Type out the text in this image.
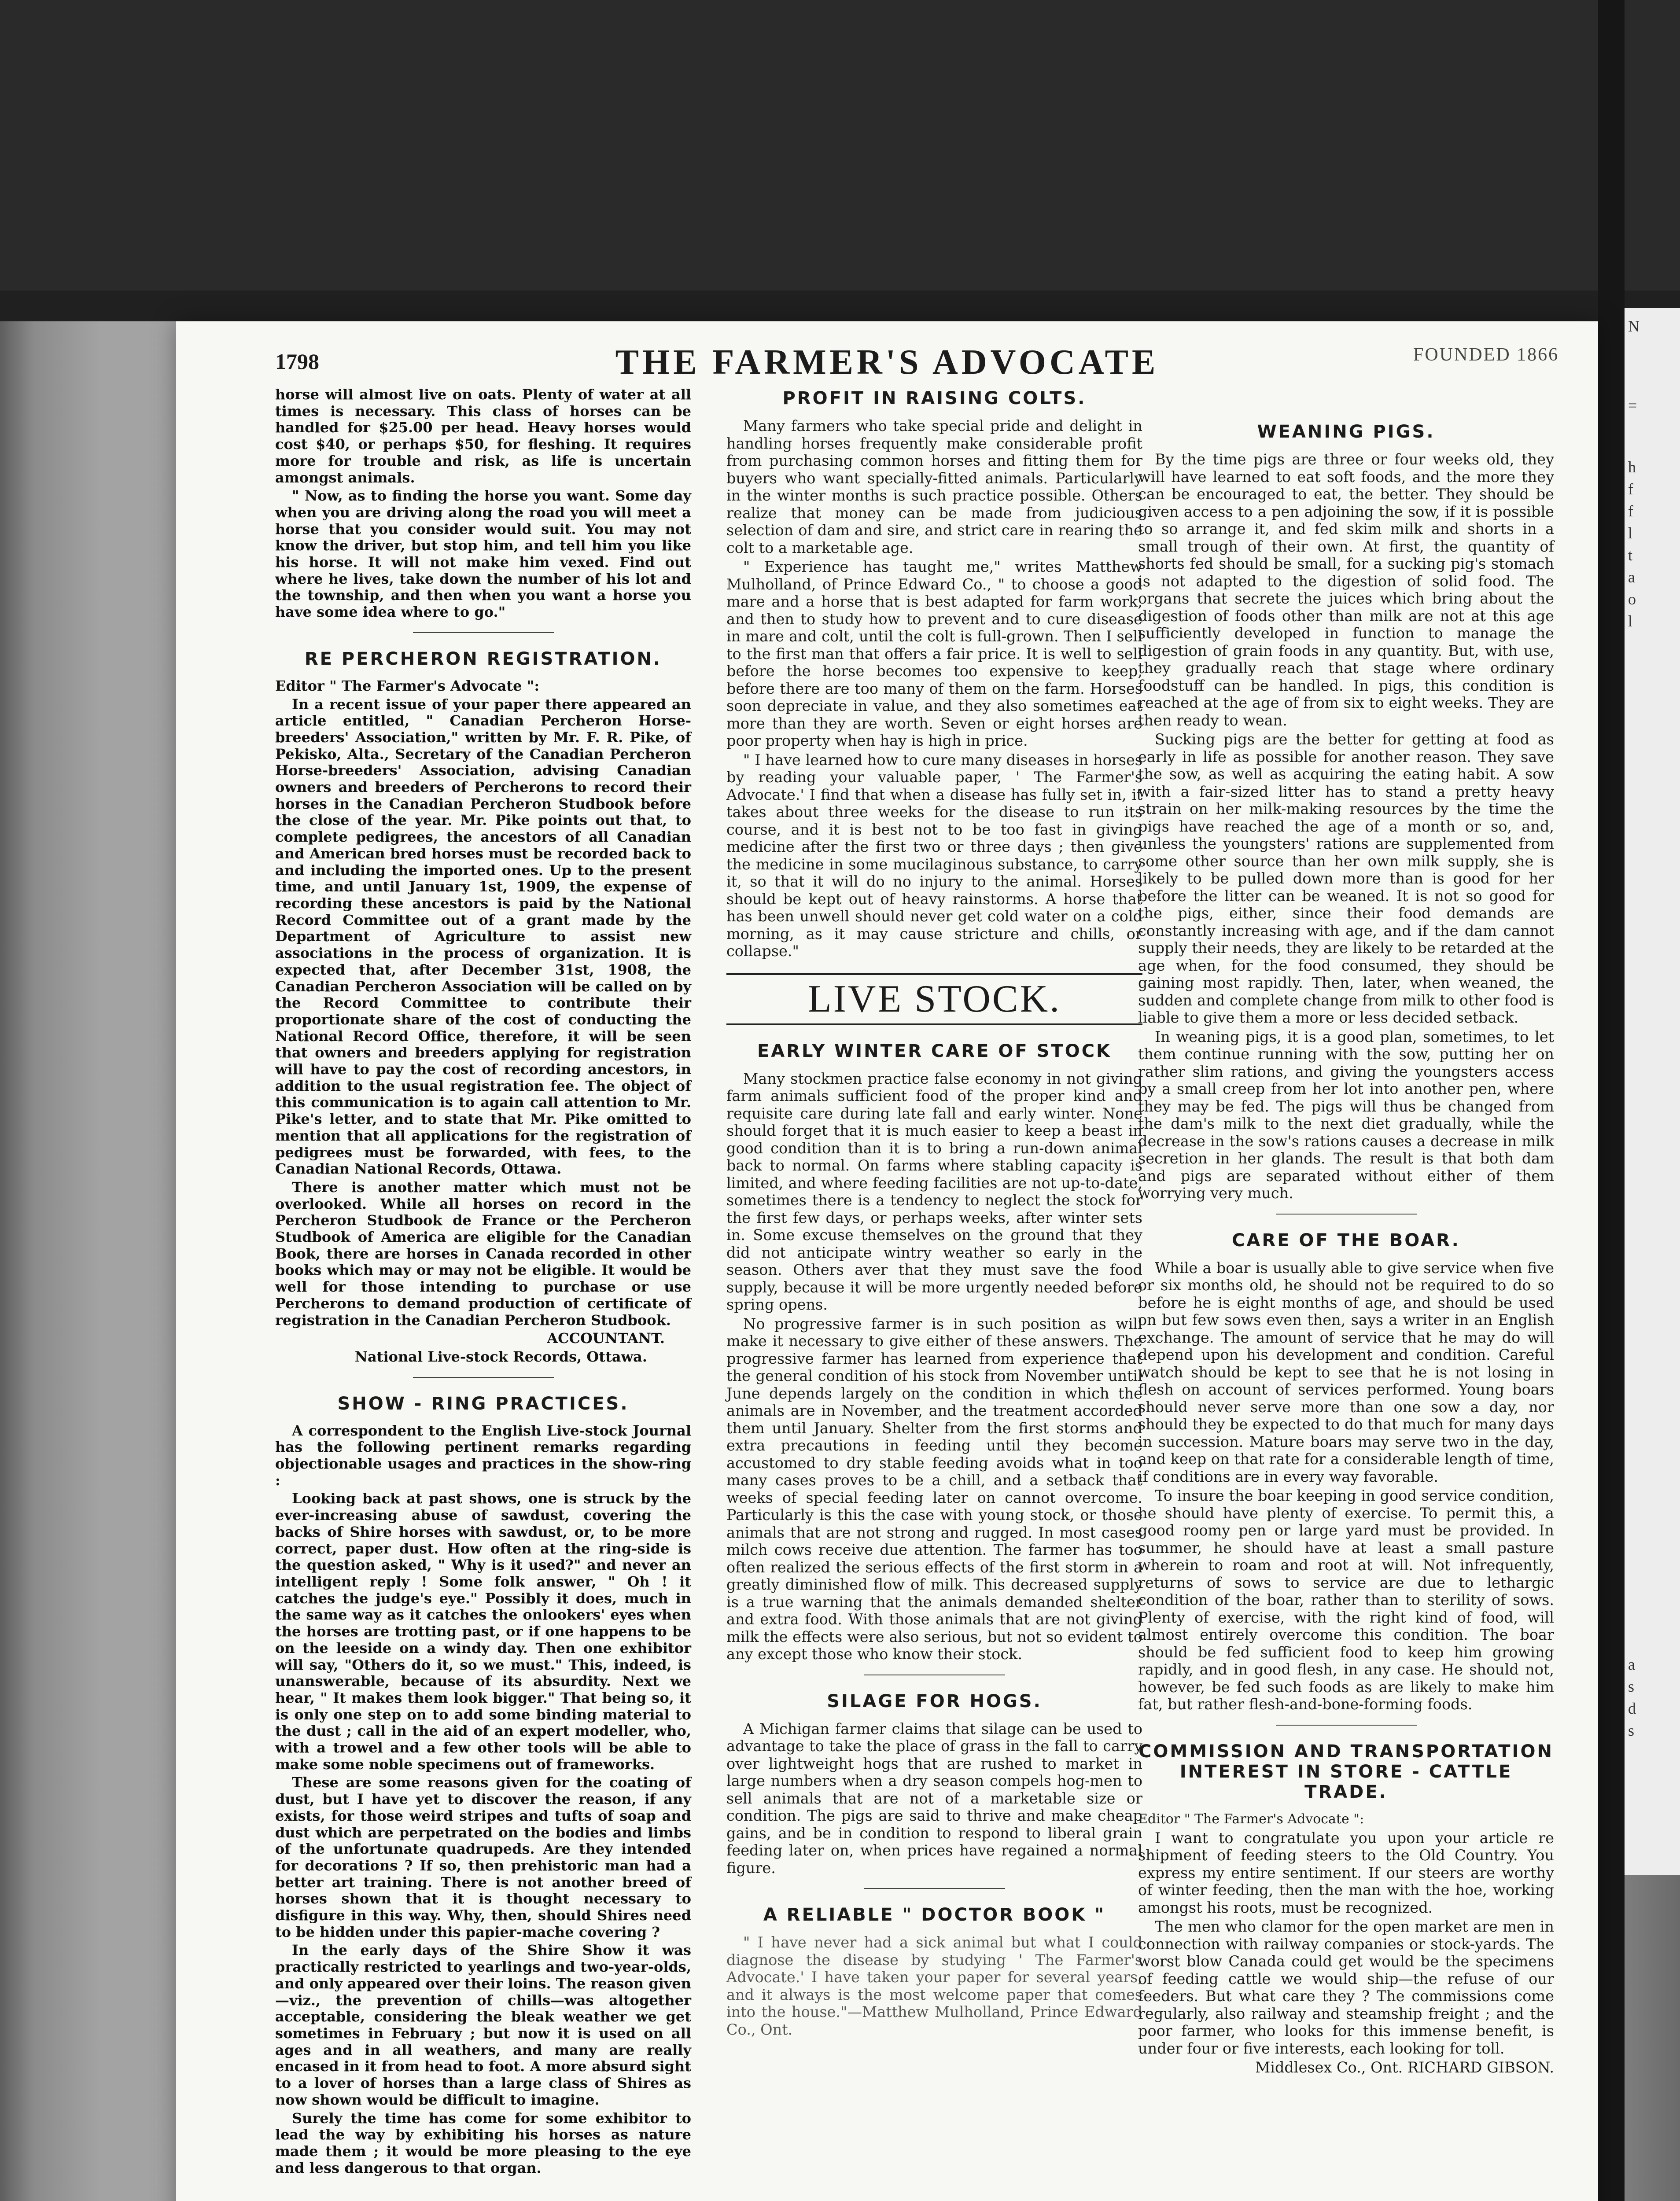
N
=
h
f
f
l
t
a
o
l
a
s
d
s
1798	THE FARMER'S ADVOCATE	FOUNDED 1866

horse will almost live on oats. Plenty of water at all times is necessary. This class of horses can be handled for $25.00 per head. Heavy horses would cost $40, or perhaps $50, for fleshing. It requires more for trouble and risk, as life is uncertain amongst animals.

" Now, as to finding the horse you want. Some day when you are driving along the road you will meet a horse that you consider would suit. You may not know the driver, but stop him, and tell him you like his horse. It will not make him vexed. Find out where he lives, take down the number of his lot and the township, and then when you want a horse you have some idea where to go."

RE PERCHERON REGISTRATION.

Editor " The Farmer's Advocate ":

In a recent issue of your paper there appeared an article entitled, " Canadian Percheron Horse-breeders' Association," written by Mr. F. R. Pike, of Pekisko, Alta., Secretary of the Canadian Percheron Horse-breeders' Association, advising Canadian owners and breeders of Percherons to record their horses in the Canadian Percheron Studbook before the close of the year. Mr. Pike points out that, to complete pedigrees, the ancestors of all Canadian and American bred horses must be recorded back to and including the imported ones. Up to the present time, and until January 1st, 1909, the expense of recording these ancestors is paid by the National Record Committee out of a grant made by the Department of Agriculture to assist new associations in the process of organization. It is expected that, after December 31st, 1908, the Canadian Percheron Association will be called on by the Record Committee to contribute their proportionate share of the cost of conducting the National Record Office, therefore, it will be seen that owners and breeders applying for registration will have to pay the cost of recording ancestors, in addition to the usual registration fee. The object of this communication is to again call attention to Mr. Pike's letter, and to state that Mr. Pike omitted to mention that all applications for the registration of pedigrees must be forwarded, with fees, to the Canadian National Records, Ottawa.

There is another matter which must not be overlooked. While all horses on record in the Percheron Studbook de France or the Percheron Studbook of America are eligible for the Canadian Book, there are horses in Canada recorded in other books which may or may not be eligible. It would be well for those intending to purchase or use Percherons to demand production of certificate of registration in the Canadian Percheron Studbook.

ACCOUNTANT.

National Live-stock Records, Ottawa.

SHOW - RING PRACTICES.

A correspondent to the English Live-stock Journal has the following pertinent remarks regarding objectionable usages and practices in the show-ring :

Looking back at past shows, one is struck by the ever-increasing abuse of sawdust, covering the backs of Shire horses with sawdust, or, to be more correct, paper dust. How often at the ring-side is the question asked, " Why is it used?" and never an intelligent reply ! Some folk answer, " Oh ! it catches the judge's eye." Possibly it does, much in the same way as it catches the onlookers' eyes when the horses are trotting past, or if one happens to be on the leeside on a windy day. Then one exhibitor will say, "Others do it, so we must." This, indeed, is unanswerable, because of its absurdity. Next we hear, " It makes them look bigger." That being so, it is only one step on to add some binding material to the dust ; call in the aid of an expert modeller, who, with a trowel and a few other tools will be able to make some noble specimens out of frameworks.

These are some reasons given for the coating of dust, but I have yet to discover the reason, if any exists, for those weird stripes and tufts of soap and dust which are perpetrated on the bodies and limbs of the unfortunate quadrupeds. Are they intended for decorations ? If so, then prehistoric man had a better art training. There is not another breed of horses shown that it is thought necessary to disfigure in this way. Why, then, should Shires need to be hidden under this papier-mache covering ?

In the early days of the Shire Show it was practically restricted to yearlings and two-year-olds, and only appeared over their loins. The reason given—viz., the prevention of chills—was altogether acceptable, considering the bleak weather we get sometimes in February ; but now it is used on all ages and in all weathers, and many are really encased in it from head to foot. A more absurd sight to a lover of horses than a large class of Shires as now shown would be difficult to imagine.

Surely the time has come for some exhibitor to lead the way by exhibiting his horses as nature made them ; it would be more pleasing to the eye and less dangerous to that organ.

PROFIT IN RAISING COLTS.

Many farmers who take special pride and delight in handling horses frequently make considerable profit from purchasing common horses and fitting them for buyers who want specially-fitted animals. Particularly in the winter months is such practice possible. Others realize that money can be made from judicious selection of dam and sire, and strict care in rearing the colt to a marketable age.

" Experience has taught me," writes Matthew Mulholland, of Prince Edward Co., " to choose a good mare and a horse that is best adapted for farm work, and then to study how to prevent and to cure disease in mare and colt, until the colt is full-grown. Then I sell to the first man that offers a fair price. It is well to sell before the horse becomes too expensive to keep, before there are too many of them on the farm. Horses soon depreciate in value, and they also sometimes eat more than they are worth. Seven or eight horses are poor property when hay is high in price.

" I have learned how to cure many diseases in horses by reading your valuable paper, ' The Farmer's Advocate.' I find that when a disease has fully set in, it takes about three weeks for the disease to run its course, and it is best not to be too fast in giving medicine after the first two or three days ; then give the medicine in some mucilaginous substance, to carry it, so that it will do no injury to the animal. Horses should be kept out of heavy rainstorms. A horse that has been unwell should never get cold water on a cold morning, as it may cause stricture and chills, or collapse."

LIVE STOCK.
EARLY WINTER CARE OF STOCK

Many stockmen practice false economy in not giving farm animals sufficient food of the proper kind and requisite care during late fall and early winter. None should forget that it is much easier to keep a beast in good condition than it is to bring a run-down animal back to normal. On farms where stabling capacity is limited, and where feeding facilities are not up-to-date, sometimes there is a tendency to neglect the stock for the first few days, or perhaps weeks, after winter sets in. Some excuse themselves on the ground that they did not anticipate wintry weather so early in the season. Others aver that they must save the food supply, because it will be more urgently needed before spring opens.

No progressive farmer is in such position as will make it necessary to give either of these answers. The progressive farmer has learned from experience that the general condition of his stock from November until June depends largely on the condition in which the animals are in November, and the treatment accorded them until January. Shelter from the first storms and extra precautions in feeding until they become accustomed to dry stable feeding avoids what in too many cases proves to be a chill, and a setback that weeks of special feeding later on cannot overcome. Particularly is this the case with young stock, or those animals that are not strong and rugged. In most cases milch cows receive due attention. The farmer has too often realized the serious effects of the first storm in a greatly diminished flow of milk. This decreased supply is a true warning that the animals demanded shelter and extra food. With those animals that are not giving milk the effects were also serious, but not so evident to any except those who know their stock.

SILAGE FOR HOGS.

A Michigan farmer claims that silage can be used to advantage to take the place of grass in the fall to carry over lightweight hogs that are rushed to market in large numbers when a dry season compels hog-men to sell animals that are not of a marketable size or condition. The pigs are said to thrive and make cheap gains, and be in condition to respond to liberal grain feeding later on, when prices have regained a normal figure.

A RELIABLE " DOCTOR BOOK "

" I have never had a sick animal but what I could diagnose the disease by studying ' The Farmer's Advocate.' I have taken your paper for several years, and it always is the most welcome paper that comes into the house."—Matthew Mulholland, Prince Edward Co., Ont.

WEANING PIGS.

By the time pigs are three or four weeks old, they will have learned to eat soft foods, and the more they can be encouraged to eat, the better. They should be given access to a pen adjoining the sow, if it is possible to so arrange it, and fed skim milk and shorts in a small trough of their own. At first, the quantity of shorts fed should be small, for a sucking pig's stomach is not adapted to the digestion of solid food. The organs that secrete the juices which bring about the digestion of foods other than milk are not at this age sufficiently developed in function to manage the digestion of grain foods in any quantity. But, with use, they gradually reach that stage where ordinary foodstuff can be handled. In pigs, this condition is reached at the age of from six to eight weeks. They are then ready to wean.

Sucking pigs are the better for getting at food as early in life as possible for another reason. They save the sow, as well as acquiring the eating habit. A sow with a fair-sized litter has to stand a pretty heavy strain on her milk-making resources by the time the pigs have reached the age of a month or so, and, unless the youngsters' rations are supplemented from some other source than her own milk supply, she is likely to be pulled down more than is good for her before the litter can be weaned. It is not so good for the pigs, either, since their food demands are constantly increasing with age, and if the dam cannot supply their needs, they are likely to be retarded at the age when, for the food consumed, they should be gaining most rapidly. Then, later, when weaned, the sudden and complete change from milk to other food is liable to give them a more or less decided setback.

In weaning pigs, it is a good plan, sometimes, to let them continue running with the sow, putting her on rather slim rations, and giving the youngsters access by a small creep from her lot into another pen, where they may be fed. The pigs will thus be changed from the dam's milk to the next diet gradually, while the decrease in the sow's rations causes a decrease in milk secretion in her glands. The result is that both dam and pigs are separated without either of them worrying very much.

CARE OF THE BOAR.

While a boar is usually able to give service when five or six months old, he should not be required to do so before he is eight months of age, and should be used on but few sows even then, says a writer in an English exchange. The amount of service that he may do will depend upon his development and condition. Careful watch should be kept to see that he is not losing in flesh on account of services performed. Young boars should never serve more than one sow a day, nor should they be expected to do that much for many days in succession. Mature boars may serve two in the day, and keep on that rate for a considerable length of time, if conditions are in every way favorable.

To insure the boar keeping in good service condition, he should have plenty of exercise. To permit this, a good roomy pen or large yard must be provided. In summer, he should have at least a small pasture wherein to roam and root at will. Not infrequently, returns of sows to service are due to lethargic condition of the boar, rather than to sterility of sows. Plenty of exercise, with the right kind of food, will almost entirely overcome this condition. The boar should be fed sufficient food to keep him growing rapidly, and in good flesh, in any case. He should not, however, be fed such foods as are likely to make him fat, but rather flesh-and-bone-forming foods.

COMMISSION AND TRANSPORTATION INTEREST IN STORE - CATTLE TRADE.

Editor " The Farmer's Advocate ":

I want to congratulate you upon your article re shipment of feeding steers to the Old Country. You express my entire sentiment. If our steers are worthy of winter feeding, then the man with the hoe, working amongst his roots, must be recognized.

The men who clamor for the open market are men in connection with railway companies or stock-yards. The worst blow Canada could get would be the specimens of feeding cattle we would ship—the refuse of our feeders. But what care they ? The commissions come regularly, also railway and steamship freight ; and the poor farmer, who looks for this immense benefit, is under four or five interests, each looking for toll.

Middlesex Co., Ont. RICHARD GIBSON.
